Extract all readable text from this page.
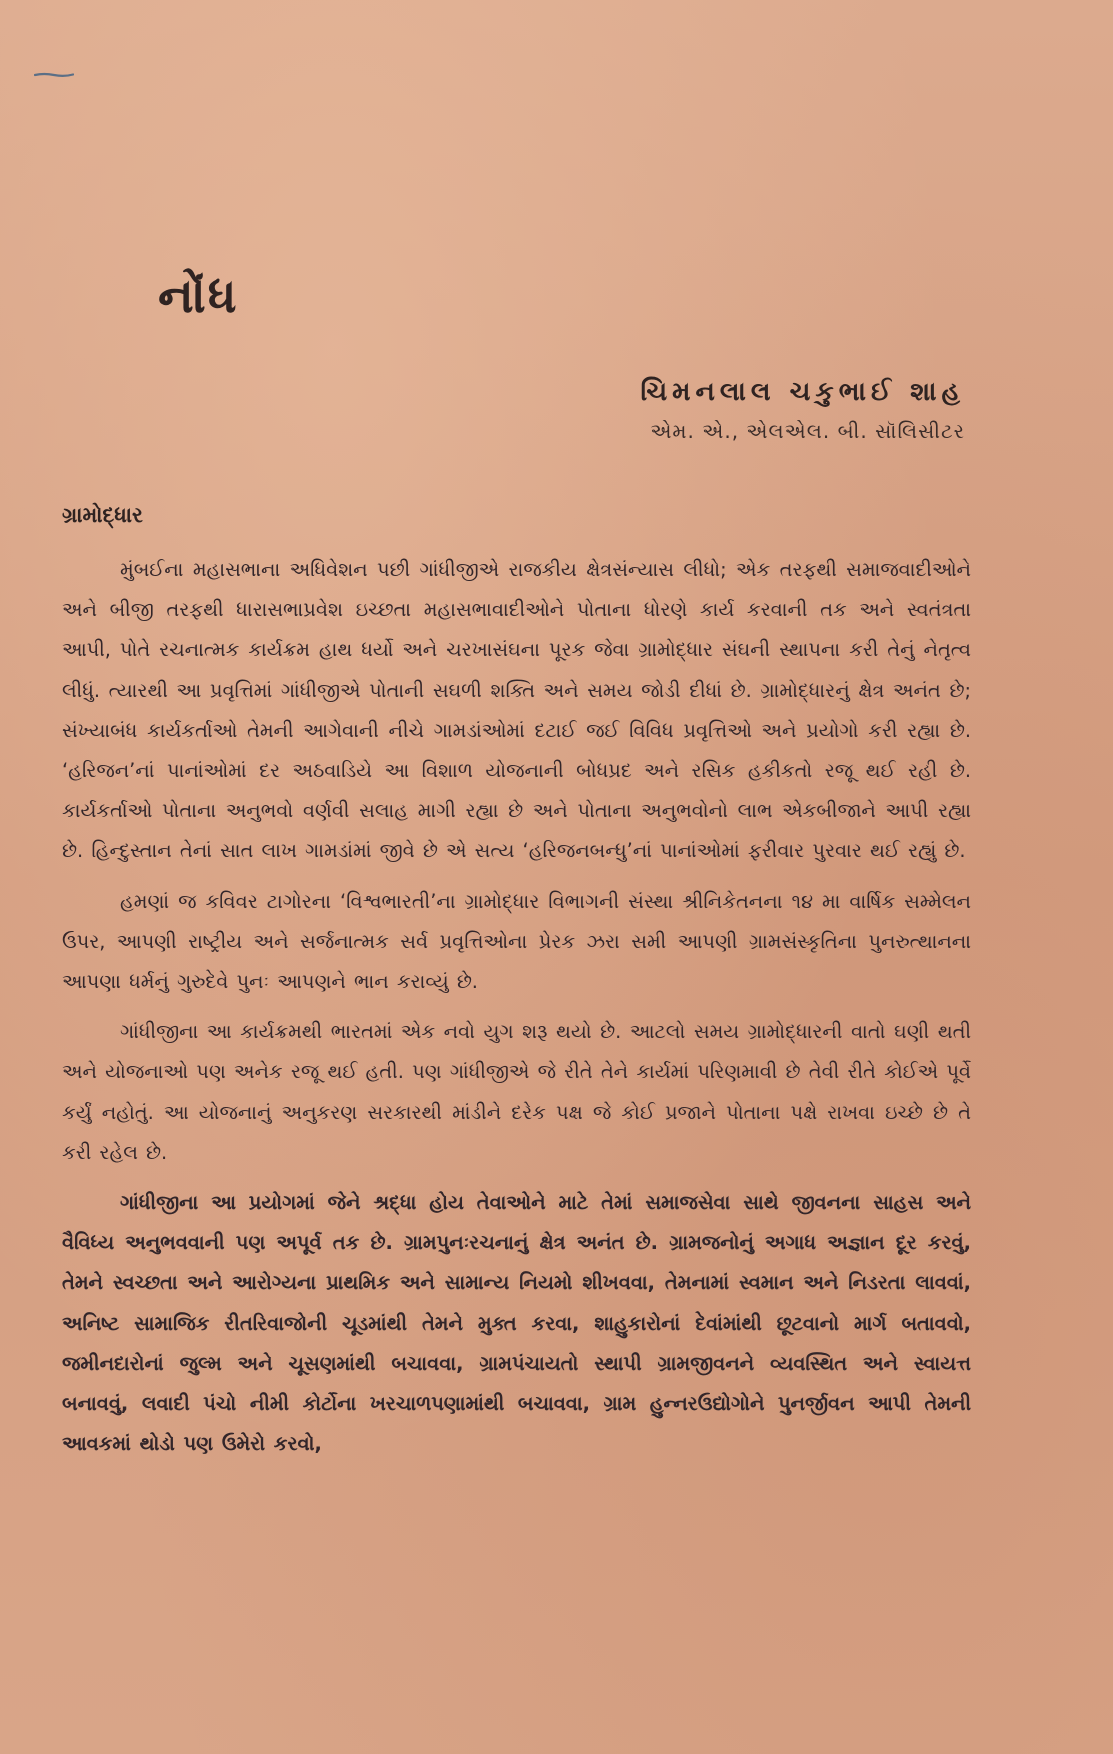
નોંધ
ચિમનલાલ ચકુભાઈ શાહ
એમ. એ., એલએલ. બી. સૉલિસીટર
ગ્રામોદ્ધાર

મુંબઈના મહાસભાના અધિવેશન પછી ગાંધીજીએ રાજકીય ક્ષેત્રસંન્યાસ લીધો; એક તરફથી સમાજવાદીઓને અને બીજી તરફથી ધારાસભાપ્રવેશ ઇચ્છતા મહાસભાવાદીઓને પોતાના ધોરણે કાર્ય કરવાની તક અને સ્વતંત્રતા આપી, પોતે રચનાત્મક કાર્યક્રમ હાથ ધર્યો અને ચરખાસંઘના પૂરક જેવા ગ્રામોદ્ધાર સંઘની સ્થાપના કરી તેનું નેતૃત્વ લીધું. ત્યારથી આ પ્રવૃત્તિમાં ગાંધીજીએ પોતાની સઘળી શક્તિ અને સમય જોડી દીધાં છે. ગ્રામોદ્ધારનું ક્ષેત્ર અનંત છે; સંખ્યાબંધ કાર્યકર્તાઓ તેમની આગેવાની નીચે ગામડાંઓમાં દટાઈ જઈ વિવિધ પ્રવૃત્તિઓ અને પ્રયોગો કરી રહ્યા છે. ‘હરિજન’નાં પાનાંઓમાં દર અઠવાડિયે આ વિશાળ યોજનાની બોધપ્રદ અને રસિક હકીકતો રજૂ થઈ રહી છે. કાર્યકર્તાઓ પોતાના અનુભવો વર્ણવી સલાહ માગી રહ્યા છે અને પોતાના અનુભવોનો લાભ એકબીજાને આપી રહ્યા છે. હિન્દુસ્તાન તેનાં સાત લાખ ગામડાંમાં જીવે છે એ સત્ય ‘હરિજનબન્ધુ’નાં પાનાંઓમાં ફરીવાર પુરવાર થઈ રહ્યું છે.

હમણાં જ કવિવર ટાગોરના ‘વિશ્વભારતી’ના ગ્રામોદ્ધાર વિભાગની સંસ્થા શ્રીનિકેતનના ૧૪ મા વાર્ષિક સમ્મેલન ઉપર, આપણી રાષ્ટ્રીય અને સર્જનાત્મક સર્વ પ્રવૃત્તિઓના પ્રેરક ઝરા સમી આપણી ગ્રામસંસ્કૃતિના પુનરુત્થાનના આપણા ધર્મનું ગુરુદેવે પુનઃ આપણને ભાન કરાવ્યું છે.

ગાંધીજીના આ કાર્યક્રમથી ભારતમાં એક નવો યુગ શરૂ થયો છે. આટલો સમય ગ્રામોદ્ધારની વાતો ઘણી થતી અને યોજનાઓ પણ અનેક રજૂ થઈ હતી. પણ ગાંધીજીએ જે રીતે તેને કાર્યમાં પરિણમાવી છે તેવી રીતે કોઈએ પૂર્વે કર્યું નહોતું. આ યોજનાનું અનુકરણ સરકારથી માંડીને દરેક પક્ષ જે કોઈ પ્રજાને પોતાના પક્ષે રાખવા ઇચ્છે છે તે કરી રહેલ છે.

ગાંધીજીના આ પ્રયોગમાં જેને શ્રદ્ધા હોય તેવાઓને માટે તેમાં સમાજસેવા સાથે જીવનના સાહસ અને વૈવિધ્ય અનુભવવાની પણ અપૂર્વ તક છે. ગ્રામપુનઃરચનાનું ક્ષેત્ર અનંત છે. ગ્રામજનોનું અગાધ અજ્ઞાન દૂર કરવું, તેમને સ્વચ્છતા અને આરોગ્યના પ્રાથમિક અને સામાન્ય નિયમો શીખવવા, તેમનામાં સ્વમાન અને નિડરતા લાવવાં, અનિષ્ટ સામાજિક રીતરિવાજોની ચૂડમાંથી તેમને મુક્ત કરવા, શાહુકારોનાં દેવાંમાંથી છૂટવાનો માર્ગ બતાવવો, જમીનદારોનાં જુલ્મ અને ચૂસણમાંથી બચાવવા, ગ્રામપંચાયતો સ્થાપી ગ્રામજીવનને વ્યવસ્થિત અને સ્વાયત્ત બનાવવું, લવાદી પંચો નીમી કોર્ટોના ખરચાળપણામાંથી બચાવવા, ગ્રામ હુન્નરઉદ્યોગોને પુનર્જીવન આપી તેમની આવકમાં થોડો પણ ઉમેરો કરવો,
